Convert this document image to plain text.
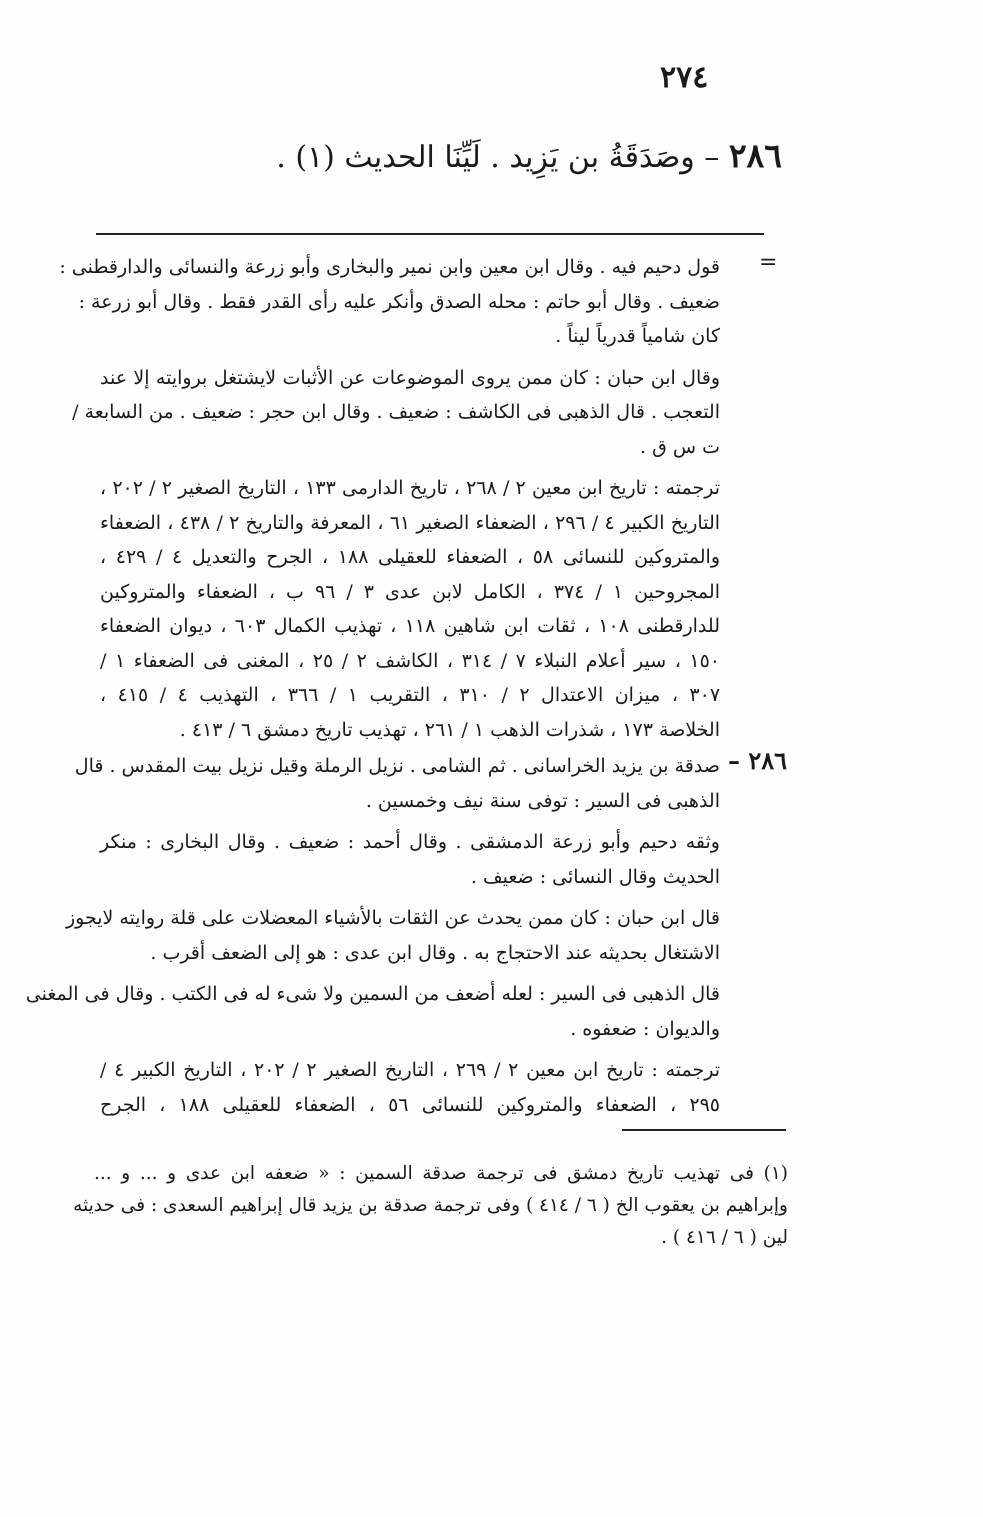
٢٧٤
٢٨٦ – وصَدَقَةُ بن يَزِيد . لَيِّنَا الحديث (١) .
=
قول دحيم فيه . وقال ابن معين وابن نمير والبخارى وأبو زرعة والنسائى والدارقطنى :
ضعيف . وقال أبو حاتم : محله الصدق وأنكر عليه رأى القدر فقط . وقال أبو زرعة :
كان شامياً قدرياً ليناً .
وقال ابن حبان : كان ممن يروى الموضوعات عن الأثبات لايشتغل بروايته إلا عند
التعجب . قال الذهبى فى الكاشف : ضعيف . وقال ابن حجر : ضعيف . من السابعة /
ت س ق .
ترجمته : تاريخ ابن معين ٢ / ٢٦٨ ، تاريخ الدارمى ١٣٣ ، التاريخ الصغير ٢ / ٢٠٢ ،
التاريخ الكبير ٤ / ٢٩٦ ، الضعفاء الصغير ٦١ ، المعرفة والتاريخ ٢ / ٤٣٨ ، الضعفاء
والمتروكين للنسائى ٥٨ ، الضعفاء للعقيلى ١٨٨ ، الجرح والتعديل ٤ / ٤٢٩ ،
المجروحين ١ / ٣٧٤ ، الكامل لابن عدى ٣ / ٩٦ ب ، الضعفاء والمتروكين
للدارقطنى ١٠٨ ، ثقات ابن شاهين ١١٨ ، تهذيب الكمال ٦٠٣ ، ديوان الضعفاء
١٥٠ ، سير أعلام النبلاء ٧ / ٣١٤ ، الكاشف ٢ / ٢٥ ، المغنى فى الضعفاء ١ /
٣٠٧ ، ميزان الاعتدال ٢ / ٣١٠ ، التقريب ١ / ٣٦٦ ، التهذيب ٤ / ٤١٥ ،
الخلاصة ١٧٣ ، شذرات الذهب ١ / ٢٦١ ، تهذيب تاريخ دمشق ٦ / ٤١٣ .
٢٨٦ –
صدقة بن يزيد الخراسانى . ثم الشامى . نزيل الرملة وقيل نزيل بيت المقدس . قال
الذهبى فى السير : توفى سنة نيف وخمسين .
وثقه دحيم وأبو زرعة الدمشقى . وقال أحمد : ضعيف . وقال البخارى : منكر
الحديث وقال النسائى : ضعيف .
قال ابن حبان : كان ممن يحدث عن الثقات بالأشياء المعضلات على قلة روايته لايجوز
الاشتغال بحديثه عند الاحتجاج به . وقال ابن عدى : هو إلى الضعف أقرب .
قال الذهبى فى السير : لعله أضعف من السمين ولا شىء له فى الكتب . وقال فى المغنى
والديوان : ضعفوه .
ترجمته : تاريخ ابن معين ٢ / ٢٦٩ ، التاريخ الصغير ٢ / ٢٠٢ ، التاريخ الكبير ٤ /
٢٩٥ ، الضعفاء والمتروكين للنسائى ٥٦ ، الضعفاء للعقيلى ١٨٨ ، الجرح
(١) فى تهذيب تاريخ دمشق فى ترجمة صدقة السمين : « ضعفه ابن عدى و ... و ...
وإبراهيم بن يعقوب الخ ( ٦ / ٤١٤ ) وفى ترجمة صدقة بن يزيد قال إبراهيم السعدى : فى حديثه
لين ( ٦ / ٤١٦ ) .
